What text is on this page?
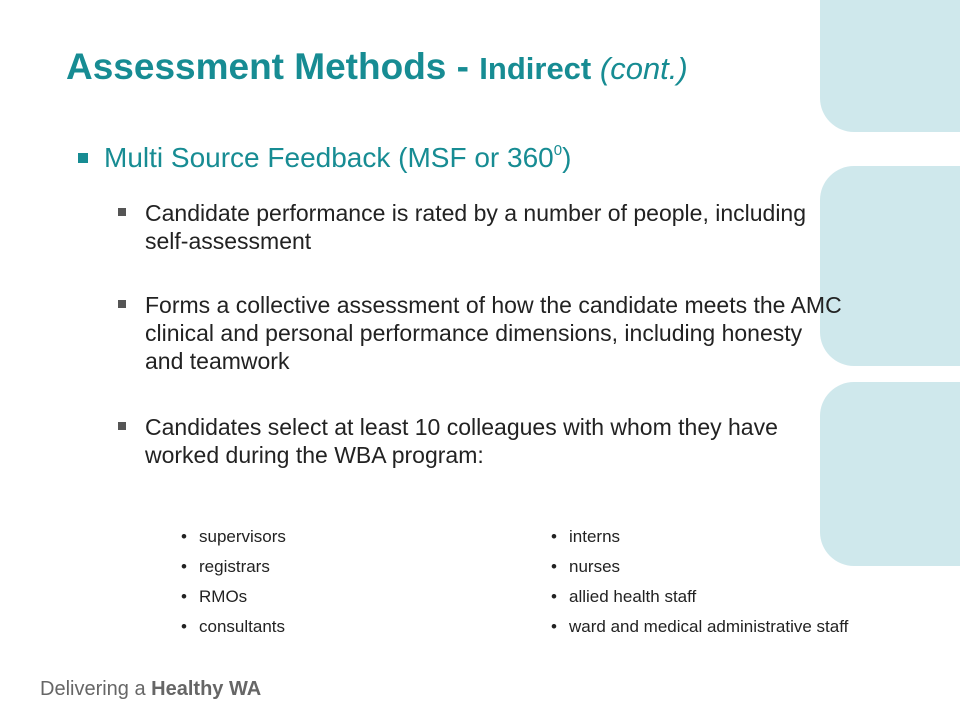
Assessment Methods - Indirect (cont.)
Multi Source Feedback (MSF or $360^0$)
Candidate performance is rated by a number of people, including self-assessment
Forms a collective assessment of how the candidate meets the AMC clinical and personal performance dimensions, including honesty and teamwork
Candidates select at least 10 colleagues with whom they have worked during the WBA program:
• supervisors
• registrars
• RMOs
• consultants
• interns
• nurses
• allied health staff
• ward and medical administrative staff
Delivering a Healthy WA
